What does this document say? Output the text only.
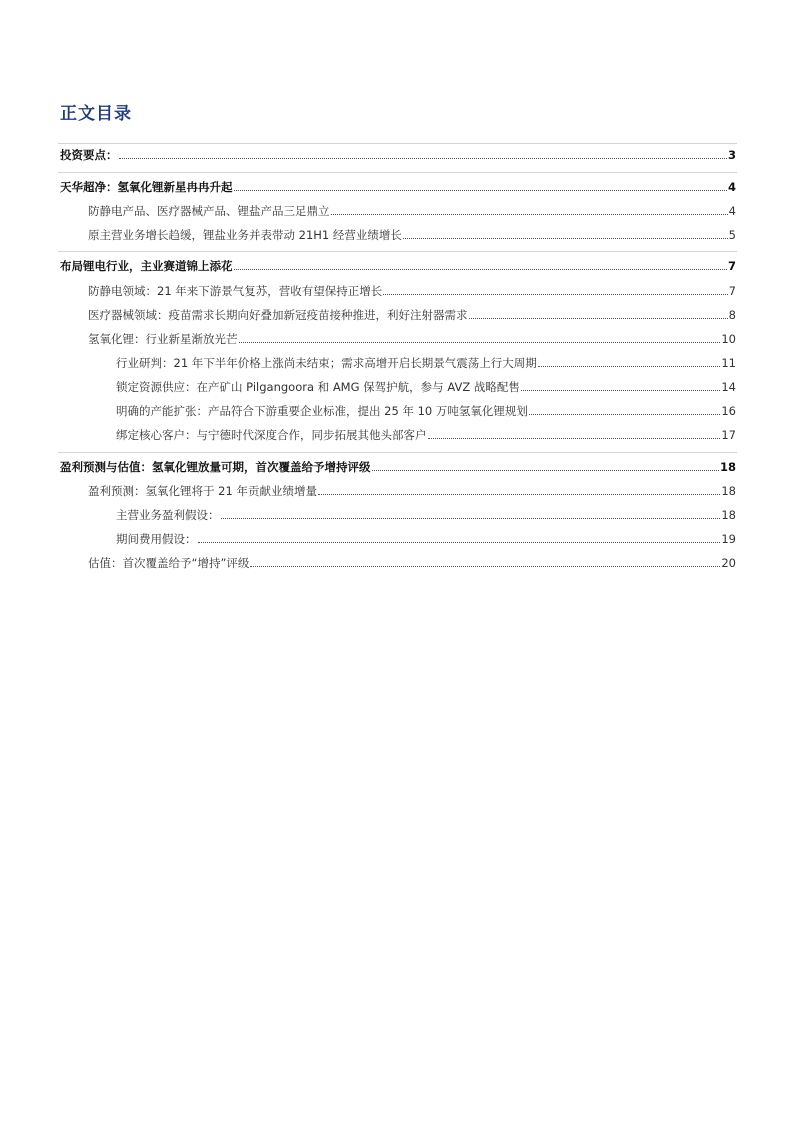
正文目录
投资要点：	3
天华超净：氢氧化锂新星冉冉升起	4
防静电产品、医疗器械产品、锂盐产品三足鼎立	4
原主营业务增长趋缓，锂盐业务并表带动 21H1 经营业绩增长	5
布局锂电行业，主业赛道锦上添花	7
防静电领域：21 年来下游景气复苏，营收有望保持正增长	7
医疗器械领域：疫苗需求长期向好叠加新冠疫苗接种推进，利好注射器需求	8
氢氧化锂：行业新星渐放光芒	10
行业研判：21 年下半年价格上涨尚未结束；需求高增开启长期景气震荡上行大周期	11
锁定资源供应：在产矿山 Pilgangoora 和 AMG 保驾护航，参与 AVZ 战略配售	14
明确的产能扩张：产品符合下游重要企业标准，提出 25 年 10 万吨氢氧化锂规划	16
绑定核心客户：与宁德时代深度合作，同步拓展其他头部客户	17
盈利预测与估值：氢氧化锂放量可期，首次覆盖给予增持评级	18
盈利预测：氢氧化锂将于 21 年贡献业绩增量	18
主营业务盈利假设：	18
期间费用假设：	19
估值：首次覆盖给予“增持”评级	20
